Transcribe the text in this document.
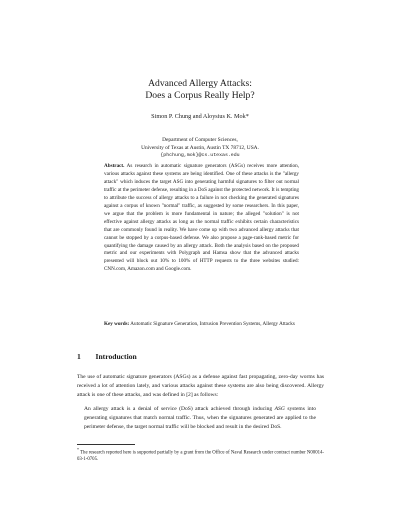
Advanced Allergy Attacks:
Does a Corpus Really Help?
Simon P. Chung and Aloysius K. Mok*
Department of Computer Sciences,
University of Texas at Austin, Austin TX 78712, USA.
{phchung,mok}@cs.utexas.edu
Abstract. As research in automatic signature generators (ASGs) receives more attention, various attacks against these systems are being identified. One of these attacks is the "allergy attack" which induces the target ASG into generating harmful signatures to filter out normal traffic at the perimeter defense, resulting in a DoS against the protected network. It is tempting to attribute the success of allergy attacks to a failure in not checking the generated signatures against a corpus of known "normal" traffic, as suggested by some researchers. In this paper, we argue that the problem is more fundamental in nature; the alleged "solution" is not effective against allergy attacks as long as the normal traffic exhibits certain characteristics that are commonly found in reality. We have come up with two advanced allergy attacks that cannot be stopped by a corpus-based defense. We also propose a page-rank-based metric for quantifying the damage caused by an allergy attack. Both the analysis based on the proposed metric and our experiments with Polygraph and Hamsa show that the advanced attacks presented will block out 10% to 100% of HTTP requests to the three websites studied: CNN.com, Amazon.com and Google.com.
Key words: Automatic Signature Generation, Intrusion Prevention Systems, Allergy Attacks
1 Introduction

The use of automatic signature generators (ASGs) as a defense against fast propagating, zero-day worms has received a lot of attention lately, and various attacks against these systems are also being discovered. Allergy attack is one of these attacks, and was defined in [2] as follows:

An allergy attack is a denial of service (DoS) attack achieved through inducing ASG systems into generating signatures that match normal traffic. Thus, when the signatures generated are applied to the perimeter defense, the target normal traffic will be blocked and result in the desired DoS.

* The research reported here is supported partially by a grant from the Office of Naval Research under contract number N00014-03-1-0705.
